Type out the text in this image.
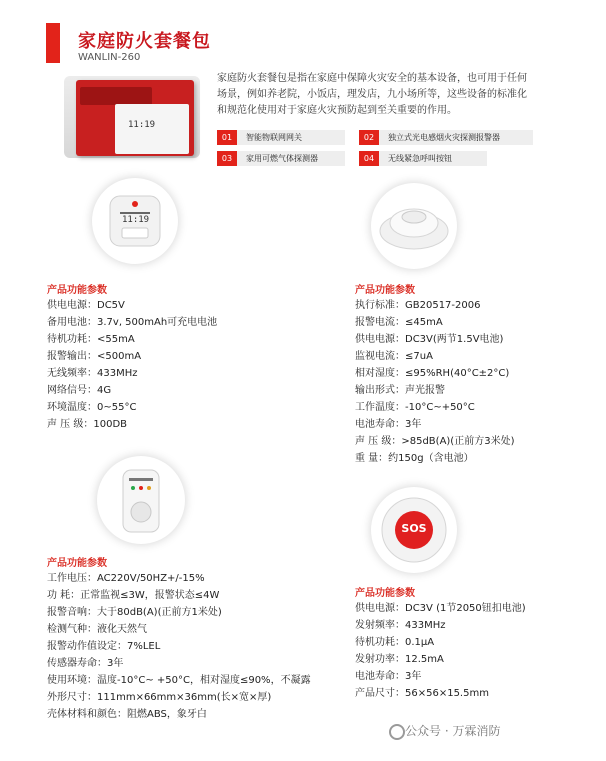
家庭防火套餐包
WANLIN-260
11:19
家庭防火套餐包是指在家庭中保障火灾安全的基本设备，也可用于任何场景，例如养老院，小饭店，理发店，九小场所等，这些设备的标准化和规范化使用对于家庭火灾预防起到至关重要的作用。
01 智能物联网网关	02 独立式光电感烟火灾探测报警器
03 家用可燃气体探测器	04 无线紧急呼叫按钮
11:19
产品功能参数
供电电源：DC5V
备用电池：3.7v, 500mAh可充电电池
待机功耗：<55mA
报警输出：<500mA
无线频率：433MHz
网络信号：4G
环境温度：0~55°C
声 压 级：100DB
产品功能参数
执行标准：GB20517-2006
报警电流：≤45mA
供电电源：DC3V(两节1.5V电池)
监视电流：≤7uA
相对湿度：≤95%RH(40°C±2°C)
输出形式：声光报警
工作温度：-10°C~+50°C
电池寿命：3年
声 压 级：>85dB(A)(正前方3米处)
重 量：约150g（含电池）
SOS
产品功能参数
工作电压：AC220V/50HZ+/-15%
功 耗：正常监视≤3W，报警状态≤4W
报警音响：大于80dB(A)(正前方1米处)
检测气种：液化天然气
报警动作值设定：7%LEL
传感器寿命：3年
使用环境：温度-10°C~ +50°C，相对湿度≤90%，不凝露
外形尺寸：111mm×66mm×36mm(长×宽×厚)
壳体材料和颜色：阻燃ABS，象牙白
产品功能参数
供电电源：DC3V (1节2050钮扣电池)
发射频率：433MHz
待机功耗：0.1μA
发射功率：12.5mA
电池寿命：3年
产品尺寸：56×56×15.5mm
公众号 · 万霖消防
